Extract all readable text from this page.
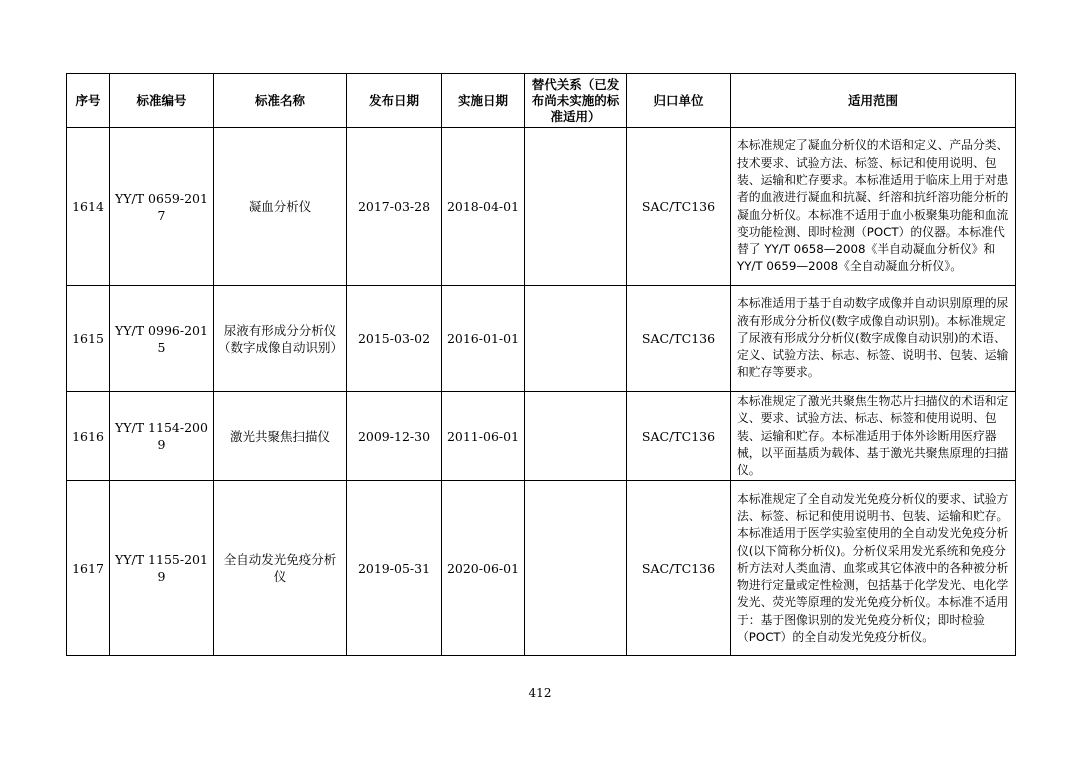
序号	标准编号	标准名称	发布日期	实施日期	替代关系（已发布尚未实施的标准适用）	归口单位	适用范围
1614	YY/T 0659-2017	凝血分析仪	2017-03-28	2018-04-01		SAC/TC136	本标准规定了凝血分析仪的术语和定义、产品分类、技术要求、试验方法、标签、标记和使用说明、包装、运输和贮存要求。本标准适用于临床上用于对患者的血液进行凝血和抗凝、纤溶和抗纤溶功能分析的凝血分析仪。本标准不适用于血小板聚集功能和血流变功能检测、即时检测（POCT）的仪器。本标准代替了 YY/T 0658—2008《半自动凝血分析仪》和 YY/T 0659—2008《全自动凝血分析仪》。
1615	YY/T 0996-2015	尿液有形成分分析仪（数字成像自动识别）	2015-03-02	2016-01-01		SAC/TC136	本标准适用于基于自动数字成像并自动识别原理的尿液有形成分分析仪(数字成像自动识别)。本标准规定了尿液有形成分分析仪(数字成像自动识别)的术语、定义、试验方法、标志、标签、说明书、包装、运输和贮存等要求。
1616	YY/T 1154-2009	激光共聚焦扫描仪	2009-12-30	2011-06-01		SAC/TC136	本标准规定了激光共聚焦生物芯片扫描仪的术语和定义、要求、试验方法、标志、标签和使用说明、包装、运输和贮存。本标准适用于体外诊断用医疗器械，以平面基质为载体、基于激光共聚焦原理的扫描仪。
1617	YY/T 1155-2019	全自动发光免疫分析仪	2019-05-31	2020-06-01		SAC/TC136	本标准规定了全自动发光免疫分析仪的要求、试验方法、标签、标记和使用说明书、包装、运输和贮存。本标准适用于医学实验室使用的全自动发光免疫分析仪(以下简称分析仪)。分析仪采用发光系统和免疫分析方法对人类血清、血浆或其它体液中的各种被分析物进行定量或定性检测，包括基于化学发光、电化学发光、荧光等原理的发光免疫分析仪。本标准不适用于：基于图像识别的发光免疫分析仪；即时检验（POCT）的全自动发光免疫分析仪。
412
